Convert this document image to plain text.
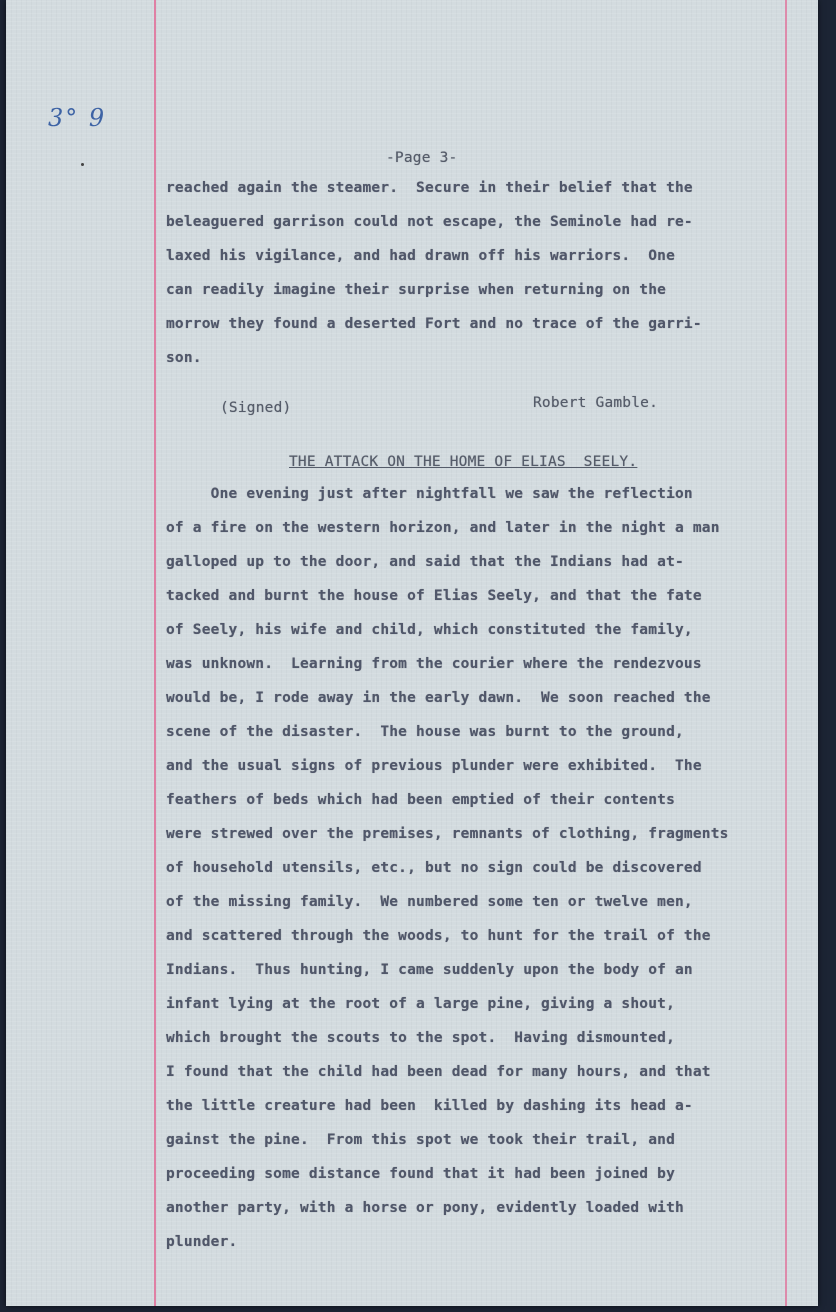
3° 9
-Page 3-
reached again the steamer.  Secure in their belief that the
beleaguered garrison could not escape, the Seminole had re-
laxed his vigilance, and had drawn off his warriors.  One
can readily imagine their surprise when returning on the
morrow they found a deserted Fort and no trace of the garri-
son.
(Signed)	Robert Gamble.
THE ATTACK ON THE HOME OF ELIAS  SEELY.
One evening just after nightfall we saw the reflection
of a fire on the western horizon, and later in the night a man
galloped up to the door, and said that the Indians had at-
tacked and burnt the house of Elias Seely, and that the fate
of Seely, his wife and child, which constituted the family,
was unknown.  Learning from the courier where the rendezvous
would be, I rode away in the early dawn.  We soon reached the
scene of the disaster.  The house was burnt to the ground,
and the usual signs of previous plunder were exhibited.  The
feathers of beds which had been emptied of their contents
were strewed over the premises, remnants of clothing, fragments
of household utensils, etc., but no sign could be discovered
of the missing family.  We numbered some ten or twelve men,
and scattered through the woods, to hunt for the trail of the
Indians.  Thus hunting, I came suddenly upon the body of an
infant lying at the root of a large pine, giving a shout,
which brought the scouts to the spot.  Having dismounted,
I found that the child had been dead for many hours, and that
the little creature had been  killed by dashing its head a-
gainst the pine.  From this spot we took their trail, and
proceeding some distance found that it had been joined by
another party, with a horse or pony, evidently loaded with
plunder.
